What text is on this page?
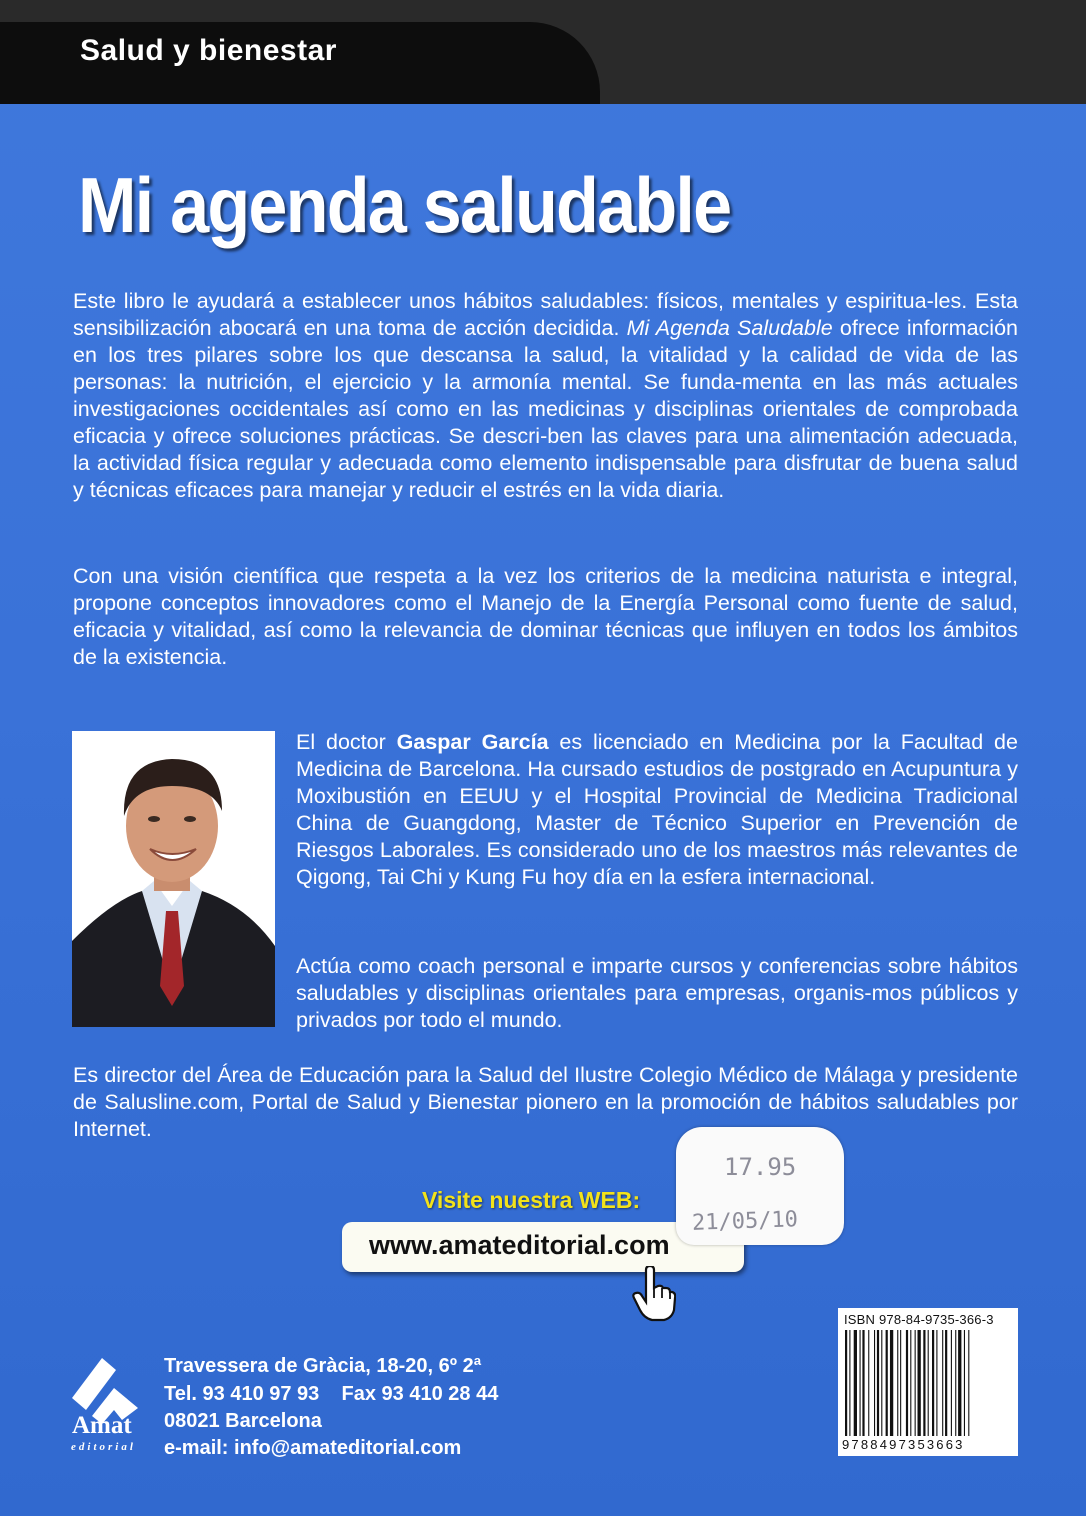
Salud y bienestar
Mi agenda saludable

Este libro le ayudará a establecer unos hábitos saludables: físicos, mentales y espiritua-les. Esta sensibilización abocará en una toma de acción decidida. Mi Agenda Saludable ofrece información en los tres pilares sobre los que descansa la salud, la vitalidad y la calidad de vida de las personas: la nutrición, el ejercicio y la armonía mental. Se funda-menta en las más actuales investigaciones occidentales así como en las medicinas y disciplinas orientales de comprobada eficacia y ofrece soluciones prácticas. Se descri-ben las claves para una alimentación adecuada, la actividad física regular y adecuada como elemento indispensable para disfrutar de buena salud y técnicas eficaces para manejar y reducir el estrés en la vida diaria.

Con una visión científica que respeta a la vez los criterios de la medicina naturista e integral, propone conceptos innovadores como el Manejo de la Energía Personal como fuente de salud, eficacia y vitalidad, así como la relevancia de dominar técnicas que influyen en todos los ámbitos de la existencia.

El doctor Gaspar García es licenciado en Medicina por la Facultad de Medicina de Barcelona. Ha cursado estudios de postgrado en Acupuntura y Moxibustión en EEUU y el Hospital Provincial de Medicina Tradicional China de Guangdong, Master de Técnico Superior en Prevención de Riesgos Laborales. Es considerado uno de los maestros más relevantes de Qigong, Tai Chi y Kung Fu hoy día en la esfera internacional.

Actúa como coach personal e imparte cursos y conferencias sobre hábitos saludables y disciplinas orientales para empresas, organis-mos públicos y privados por todo el mundo.

Es director del Área de Educación para la Salud del Ilustre Colegio Médico de Málaga y presidente de Salusline.com, Portal de Salud y Bienestar pionero en la promoción de hábitos saludables por Internet.

Visite nuestra WEB:
www.amateditorial.com
17.95
21/05/10
ISBN 978-84-9735-366-3
9788497353663
Amat
editorial
Travessera de Gràcia, 18-20, 6º 2ª
Tel. 93 410 97 93    Fax 93 410 28 44
08021 Barcelona
e-mail: info@amateditorial.com
